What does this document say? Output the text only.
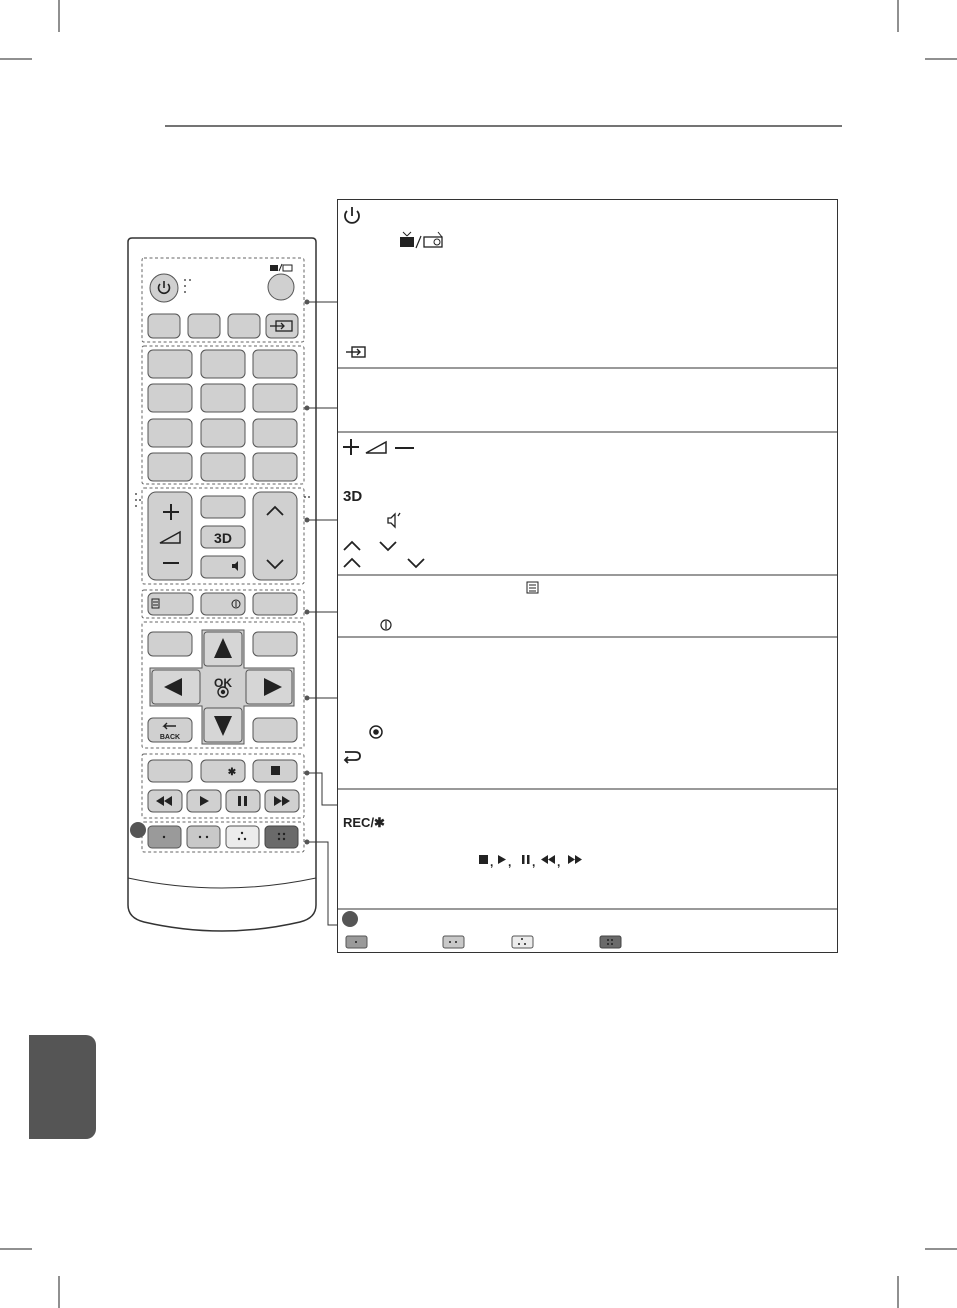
3D
BACK
OK
✱
3D
REC/✱
, , , ,
